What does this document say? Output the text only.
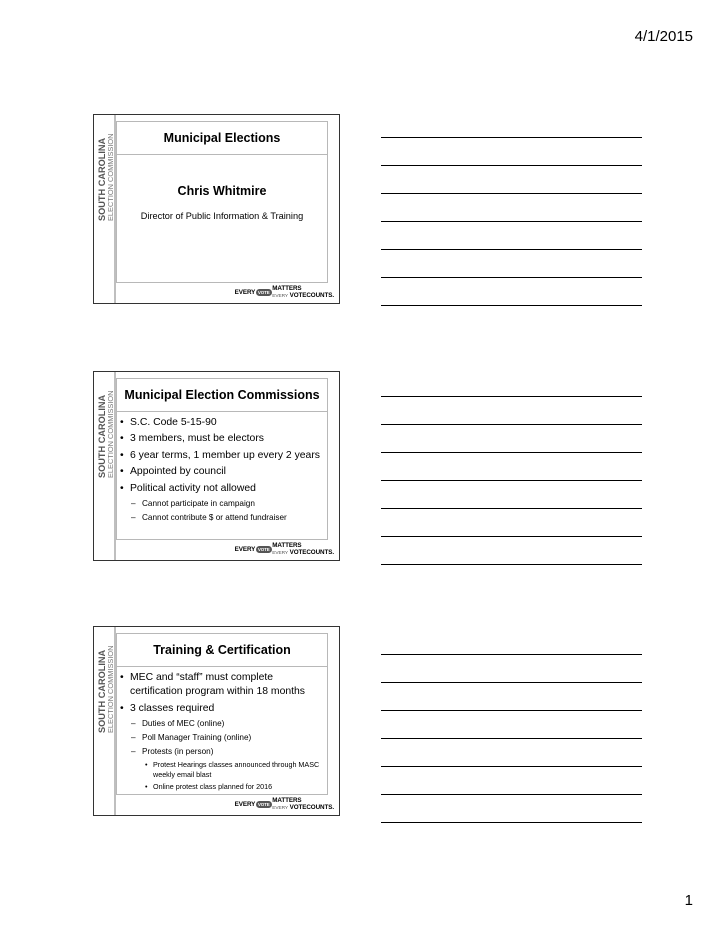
4/1/2015
SOUTH CAROLINA ELECTION COMMISSION	Municipal Elections
Chris Whitmire
Director of Public Information & Training
EVERY VOTE MATTERS
EVERY VOTECOUNTS.
SOUTH CAROLINA ELECTION COMMISSION Municipal Election Commissions
• S.C. Code 5-15-90
• 3 members, must be electors
• 6 year terms, 1 member up every 2 years
• Appointed by council
• Political activity not allowed
– Cannot participate in campaign
– Cannot contribute $ or attend fundraiser
EVERY VOTE MATTERS
EVERY VOTECOUNTS.
SOUTH CAROLINA ELECTION COMMISSION	Training & Certification
• MEC and “staff” must complete certification program within 18 months
• 3 classes required
– Duties of MEC (online)
– Poll Manager Training (online)
– Protests (in person)
• Protest Hearings classes announced through MASC weekly email blast
• Online protest class planned for 2016
EVERY VOTE MATTERS
EVERY VOTECOUNTS.
1
